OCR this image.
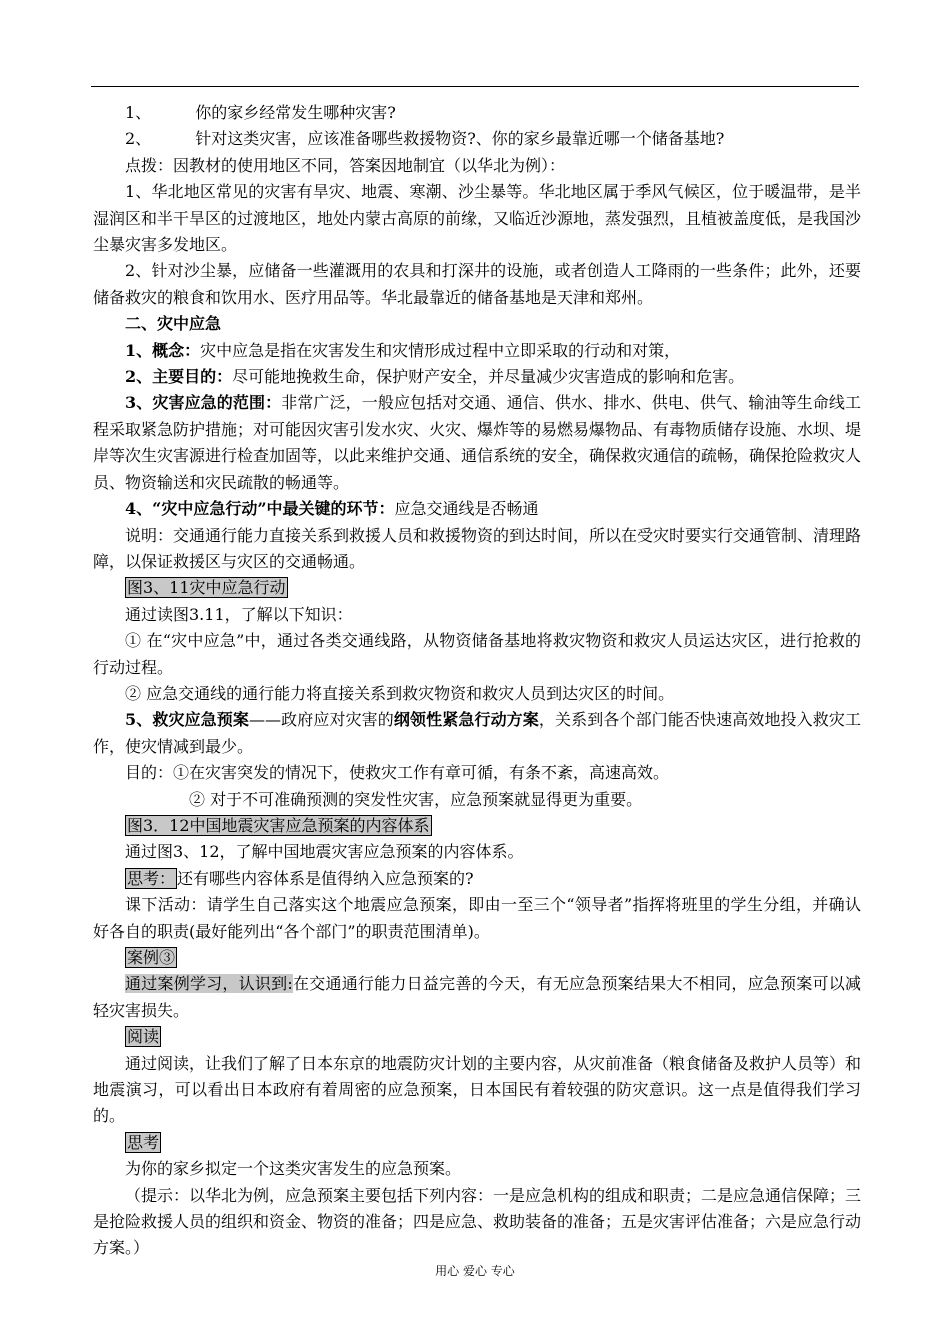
1、	你的家乡经常发生哪种灾害?

2、	针对这类灾害，应该准备哪些救援物资?、你的家乡最靠近哪一个储备基地?

点拨：因教材的使用地区不同，答案因地制宜（以华北为例）：

1、华北地区常见的灾害有旱灾、地震、寒潮、沙尘暴等。华北地区属于季风气候区，位于暖温带，是半湿润区和半干旱区的过渡地区，地处内蒙古高原的前缘，又临近沙源地，蒸发强烈，且植被盖度低，是我国沙尘暴灾害多发地区。

2、针对沙尘暴，应储备一些灌溉用的农具和打深井的设施，或者创造人工降雨的一些条件；此外，还要储备救灾的粮食和饮用水、医疗用品等。华北最靠近的储备基地是天津和郑州。

二、灾中应急

1、概念：灾中应急是指在灾害发生和灾情形成过程中立即采取的行动和对策，

2、主要目的：尽可能地挽救生命，保护财产安全，并尽量减少灾害造成的影响和危害。

3、灾害应急的范围：非常广泛，一般应包括对交通、通信、供水、排水、供电、供气、输油等生命线工程采取紧急防护措施；对可能因灾害引发水灾、火灾、爆炸等的易燃易爆物品、有毒物质储存设施、水坝、堤岸等次生灾害源进行检查加固等，以此来维护交通、通信系统的安全，确保救灾通信的疏畅，确保抢险救灾人员、物资输送和灾民疏散的畅通等。

4、“灾中应急行动”中最关键的环节：应急交通线是否畅通

说明：交通通行能力直接关系到救援人员和救援物资的到达时间，所以在受灾时要实行交通管制、清理路障，以保证救援区与灾区的交通畅通。

图3、11灾中应急行动

通过读图3.11，了解以下知识：

① 在“灾中应急”中，通过各类交通线路，从物资储备基地将救灾物资和救灾人员运达灾区，进行抢救的行动过程。

② 应急交通线的通行能力将直接关系到救灾物资和救灾人员到达灾区的时间。

5、救灾应急预案——政府应对灾害的纲领性紧急行动方案，关系到各个部门能否快速高效地投入救灾工作，使灾情减到最少。

目的：①在灾害突发的情况下，使救灾工作有章可循，有条不紊，高速高效。

② 对于不可准确预测的突发性灾害，应急预案就显得更为重要。

图3．12中国地震灾害应急预案的内容体系

通过图3、12，了解中国地震灾害应急预案的内容体系。

思考： 还有哪些内容体系是值得纳入应急预案的?

课下活动：请学生自己落实这个地震应急预案，即由一至三个“领导者”指挥将班里的学生分组，并确认好各自的职责(最好能列出“各个部门”的职责范围清单)。

案例③

通过案例学习，认识到:在交通通行能力日益完善的今天，有无应急预案结果大不相同，应急预案可以减轻灾害损失。

阅读

通过阅读，让我们了解了日本东京的地震防灾计划的主要内容，从灾前准备（粮食储备及救护人员等）和地震演习，可以看出日本政府有着周密的应急预案，日本国民有着较强的防灾意识。这一点是值得我们学习的。

思考

为你的家乡拟定一个这类灾害发生的应急预案。

（提示：以华北为例，应急预案主要包括下列内容：一是应急机构的组成和职责；二是应急通信保障；三是抢险救援人员的组织和资金、物资的准备；四是应急、救助装备的准备；五是灾害评估准备；六是应急行动方案。）

用心 爱心 专心
